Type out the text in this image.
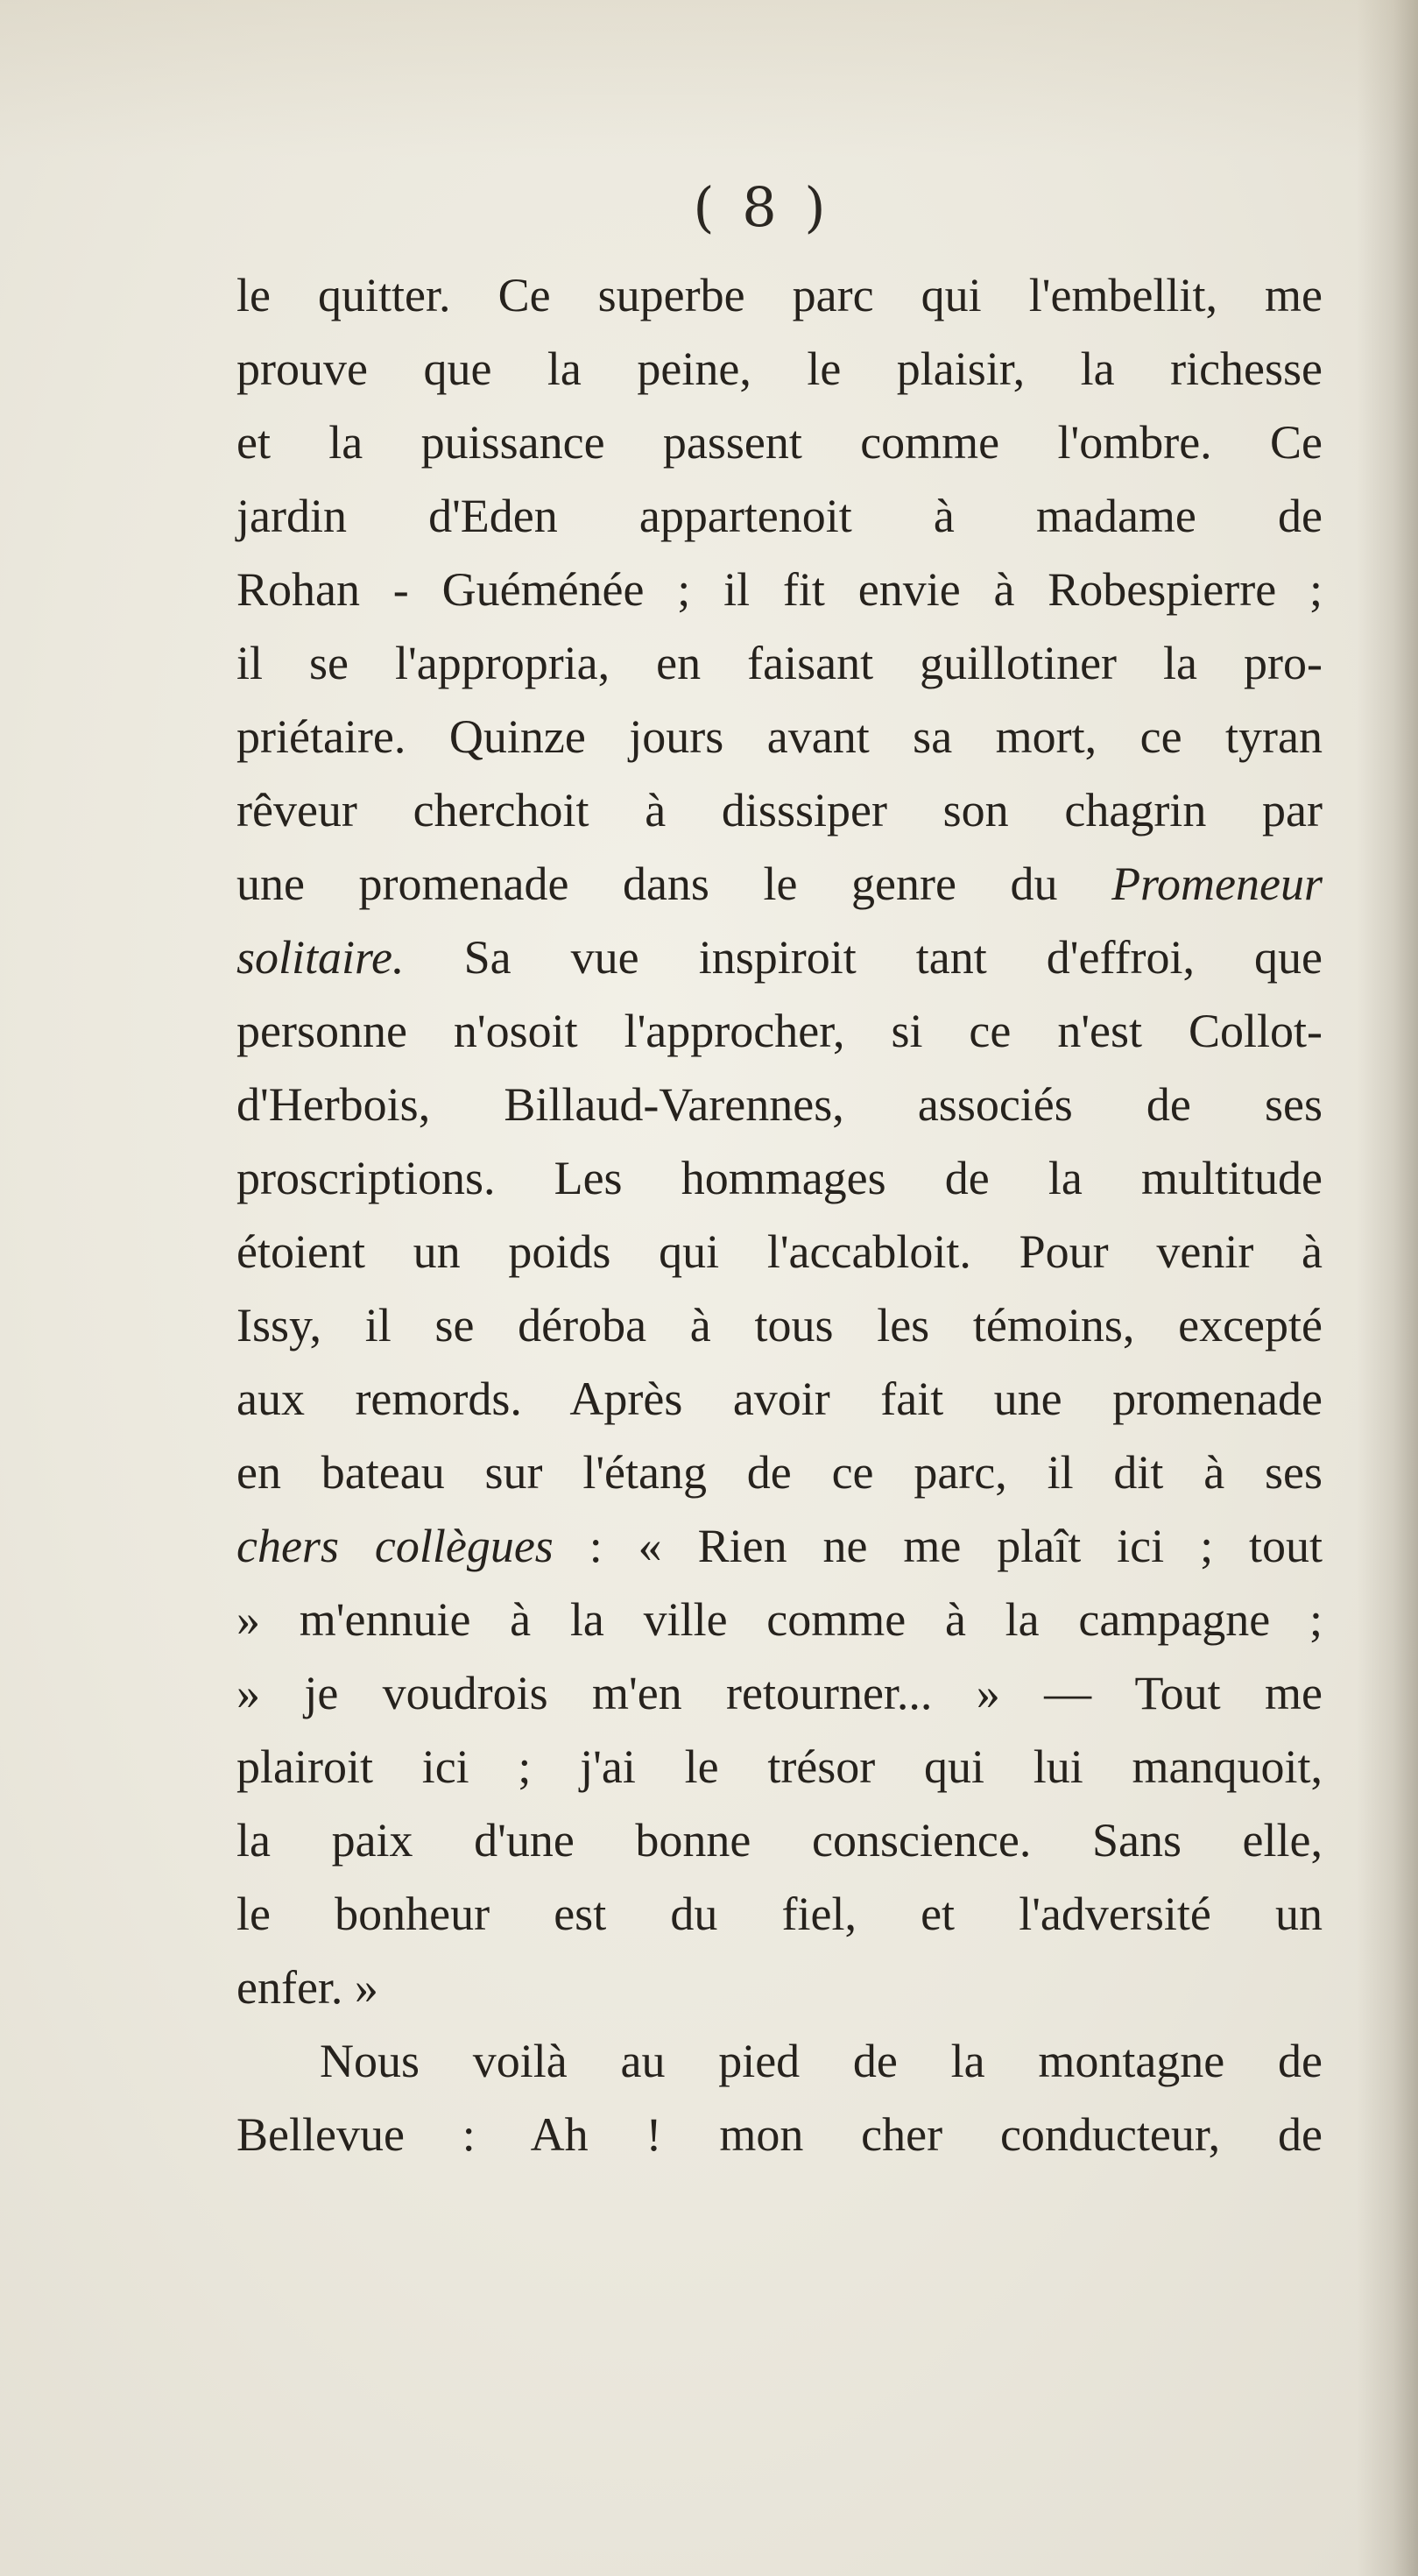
( 8 )
le quitter. Ce superbe parc qui l'embellit, me
prouve que la peine, le plaisir, la richesse
et la puissance passent comme l'ombre. Ce
jardin d'Eden appartenoit à madame de
Rohan - Guéménée ; il fit envie à Robespierre ;
il se l'appropria, en faisant guillotiner la pro-
priétaire. Quinze jours avant sa mort, ce tyran
rêveur cherchoit à disssiper son chagrin par
une promenade dans le genre du Promeneur
solitaire. Sa vue inspiroit tant d'effroi, que
personne n'osoit l'approcher, si ce n'est Collot-
d'Herbois, Billaud-Varennes, associés de ses
proscriptions. Les hommages de la multitude
étoient un poids qui l'accabloit. Pour venir à
Issy, il se déroba à tous les témoins, excepté
aux remords. Après avoir fait une promenade
en bateau sur l'étang de ce parc, il dit à ses
chers collègues : « Rien ne me plaît ici ; tout
» m'ennuie à la ville comme à la campagne ;
» je voudrois m'en retourner... » — Tout me
plairoit ici ; j'ai le trésor qui lui manquoit,
la paix d'une bonne conscience. Sans elle,
le bonheur est du fiel, et l'adversité un
enfer. »
Nous voilà au pied de la montagne de
Bellevue : Ah ! mon cher conducteur, de
